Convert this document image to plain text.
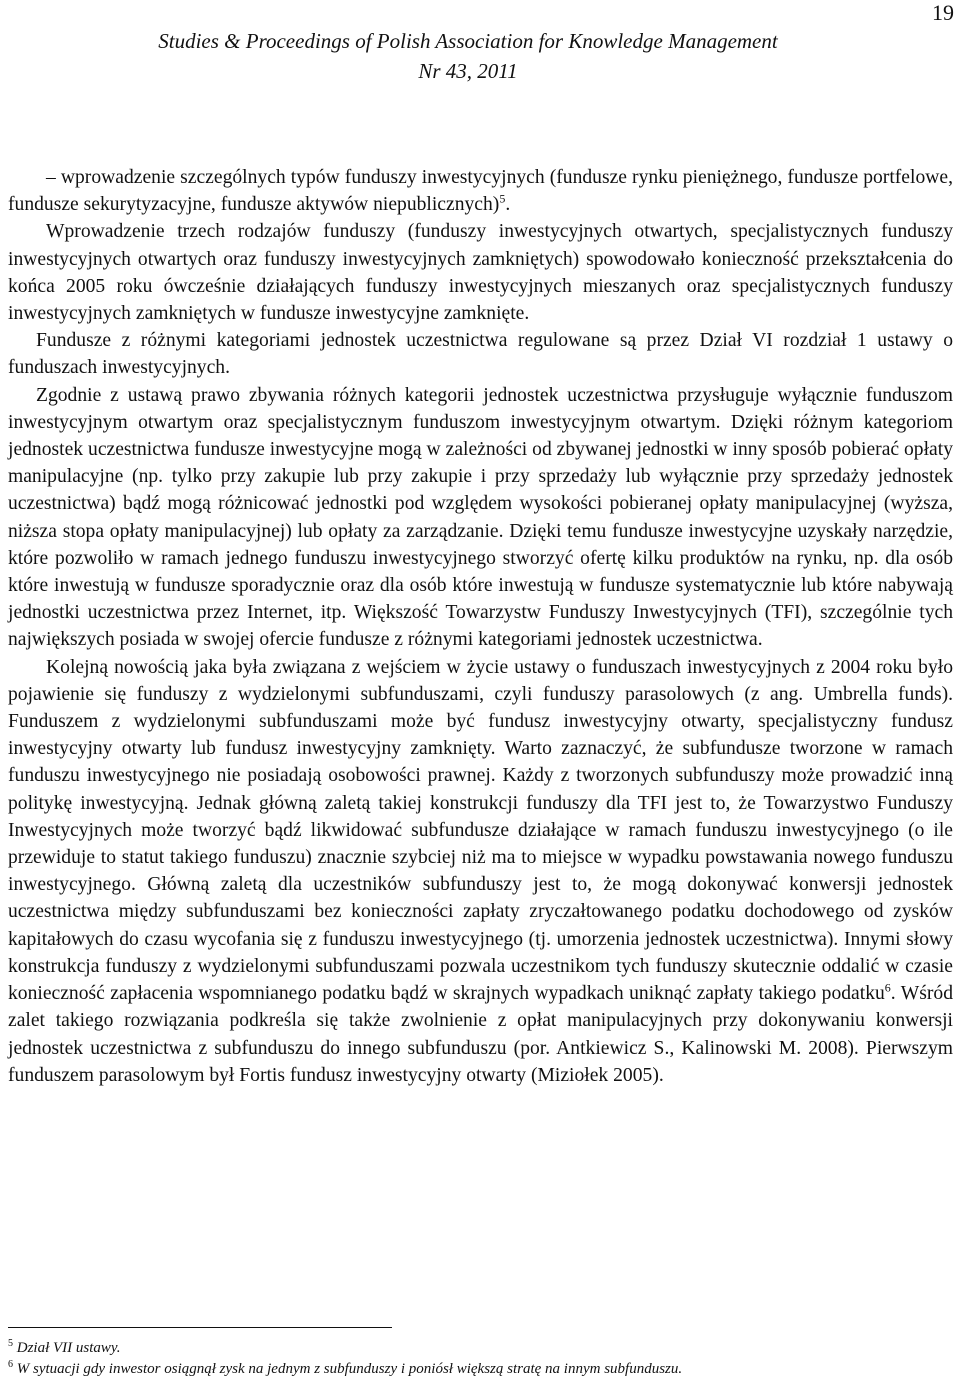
19
Studies & Proceedings of Polish Association for Knowledge Management
Nr 43, 2011

– wprowadzenie szczególnych typów funduszy inwestycyjnych (fundusze rynku pieniężnego, fundusze portfelowe, fundusze sekurytyzacyjne, fundusze aktywów niepublicznych)$^5$.

Wprowadzenie trzech rodzajów funduszy (funduszy inwestycyjnych otwartych, specjalistycznych funduszy inwestycyjnych otwartych oraz funduszy inwestycyjnych zamkniętych) spowodowało konieczność przekształcenia do końca 2005 roku ówcześnie działających funduszy inwestycyjnych mieszanych oraz specjalistycznych funduszy inwestycyjnych zamkniętych w fundusze inwestycyjne zamknięte.

Fundusze z różnymi kategoriami jednostek uczestnictwa regulowane są przez Dział VI rozdział 1 ustawy o funduszach inwestycyjnych.

Zgodnie z ustawą prawo zbywania różnych kategorii jednostek uczestnictwa przysługuje wyłącznie funduszom inwestycyjnym otwartym oraz specjalistycznym funduszom inwestycyjnym otwartym. Dzięki różnym kategoriom jednostek uczestnictwa fundusze inwestycyjne mogą w zależności od zbywanej jednostki w inny sposób pobierać opłaty manipulacyjne (np. tylko przy zakupie lub przy zakupie i przy sprzedaży lub wyłącznie przy sprzedaży jednostek uczestnictwa) bądź mogą różnicować jednostki pod względem wysokości pobieranej opłaty manipulacyjnej (wyższa, niższa stopa opłaty manipulacyjnej) lub opłaty za zarządzanie. Dzięki temu fundusze inwestycyjne uzyskały narzędzie, które pozwoliło w ramach jednego funduszu inwestycyjnego stworzyć ofertę kilku produktów na rynku, np. dla osób które inwestują w fundusze sporadycznie oraz dla osób które inwestują w fundusze systematycznie lub które nabywają jednostki uczestnictwa przez Internet, itp. Większość Towarzystw Funduszy Inwestycyjnych (TFI), szczególnie tych największych posiada w swojej ofercie fundusze z różnymi kategoriami jednostek uczestnictwa.

Kolejną nowością jaka była związana z wejściem w życie ustawy o funduszach inwestycyjnych z 2004 roku było pojawienie się funduszy z wydzielonymi subfunduszami, czyli funduszy parasolowych (z ang. Umbrella funds). Funduszem z wydzielonymi subfunduszami może być fundusz inwestycyjny otwarty, specjalistyczny fundusz inwestycyjny otwarty lub fundusz inwestycyjny zamknięty. Warto zaznaczyć, że subfundusze tworzone w ramach funduszu inwestycyjnego nie posiadają osobowości prawnej. Każdy z tworzonych subfunduszy może prowadzić inną politykę inwestycyjną. Jednak główną zaletą takiej konstrukcji funduszy dla TFI jest to, że Towarzystwo Funduszy Inwestycyjnych może tworzyć bądź likwidować subfundusze działające w ramach funduszu inwestycyjnego (o ile przewiduje to statut takiego funduszu) znacznie szybciej niż ma to miejsce w wypadku powstawania nowego funduszu inwestycyjnego. Główną zaletą dla uczestników subfunduszy jest to, że mogą dokonywać konwersji jednostek uczestnictwa między subfunduszami bez konieczności zapłaty zryczałtowanego podatku dochodowego od zysków kapitałowych do czasu wycofania się z funduszu inwestycyjnego (tj. umorzenia jednostek uczestnictwa). Innymi słowy konstrukcja funduszy z wydzielonymi subfunduszami pozwala uczestnikom tych funduszy skutecznie oddalić w czasie konieczność zapłacenia wspomnianego podatku bądź w skrajnych wypadkach uniknąć zapłaty takiego podatku$^6$. Wśród zalet takiego rozwiązania podkreśla się także zwolnienie z opłat manipulacyjnych przy dokonywaniu konwersji jednostek uczestnictwa z subfunduszu do innego subfunduszu (por. Antkiewicz S., Kalinowski M. 2008). Pierwszym funduszem parasolowym był Fortis fundusz inwestycyjny otwarty (Miziołek 2005).

$^5$ Dział VII ustawy.

$^6$ W sytuacji gdy inwestor osiągnął zysk na jednym z subfunduszy i poniósł większą stratę na innym subfunduszu.
